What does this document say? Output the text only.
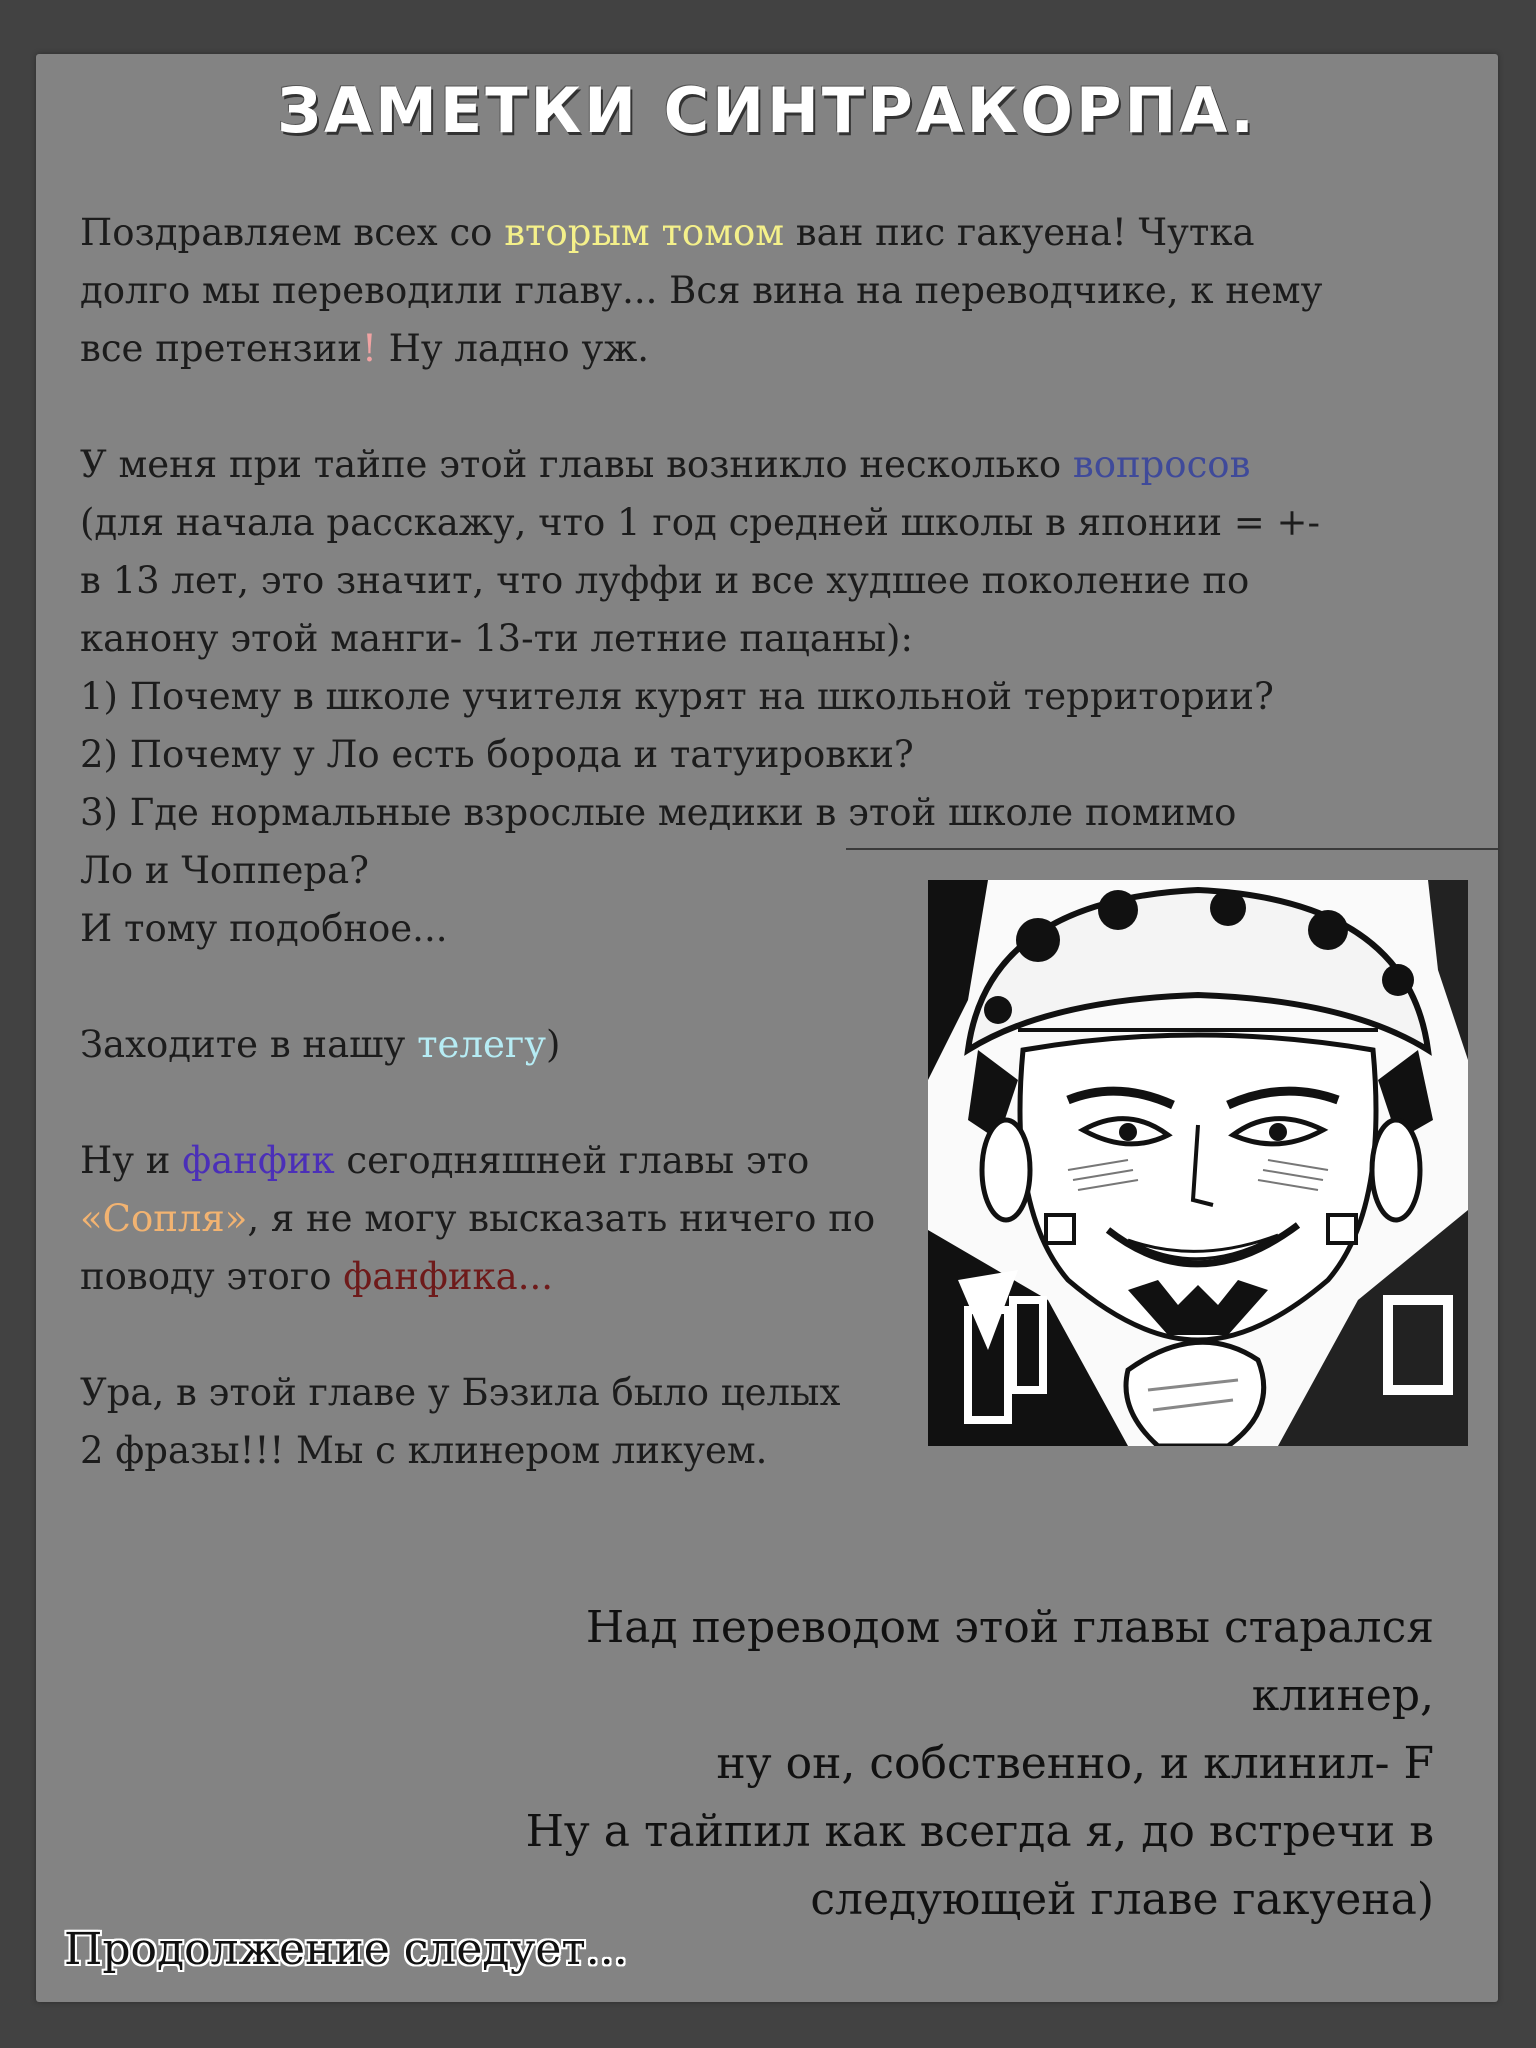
ЗАМЕТКИ СИНТРАКОРПА.

Поздравляем всех со вторым томом ван пис гакуена! Чутка долго мы переводили главу... Вся вина на переводчике, к нему все претензии! Ну ладно уж.

У меня при тайпе этой главы возникло несколько вопросов (для начала расскажу, что 1 год средней школы в японии = +-в 13 лет, это значит, что луффи и все худшее поколение по канону этой манги- 13-ти летние пацаны):

1) Почему в школе учителя курят на школьной территории?

2) Почему у Ло есть борода и татуировки?

3) Где нормальные взрослые медики в этой школе помимо Ло и Чоппера?

И тому подобное...

Заходите в нашу телегу)

Ну и фанфик сегодняшней главы это «Сопля», я не могу высказать ничего по поводу этого фанфика...

Ура, в этой главе у Бэзила было целых
2 фразы!!! Мы с клинером ликуем.

Над переводом этой главы старался клинер,
ну он, собственно, и клинил- F
Ну а тайпил как всегда я, до встречи в
следующей главе гакуена)
Продолжение следует...
